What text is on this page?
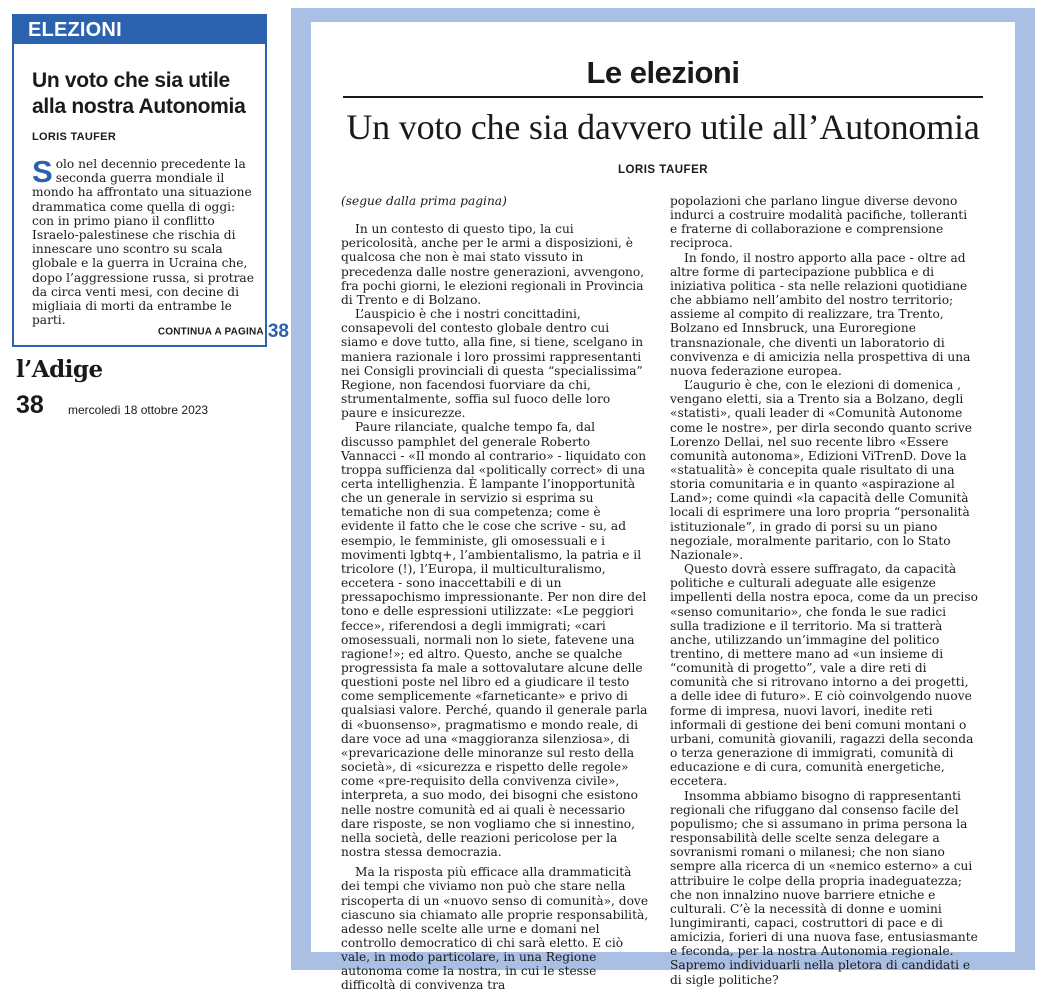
ELEZIONI
Un voto che sia utile alla nostra Autonomia
LORIS TAUFER
Solo nel decennio precedente la seconda guerra mondiale il mondo ha affrontato una situazione drammatica come quella di oggi: con in primo piano il conflitto Israelo-palestinese che rischia di innescare uno scontro su scala globale e la guerra in Ucraina che, dopo l’aggressione russa, si protrae da circa venti mesi, con decine di migliaia di morti da entrambe le parti.
CONTINUA A PAGINA 38
l’Adige
38 mercoledì 18 ottobre 2023
Le elezioni
Un voto che sia davvero utile all’Autonomia
LORIS TAUFER

(segue dalla prima pagina)

In un contesto di questo tipo, la cui pericolosità, anche per le armi a disposizioni, è qualcosa che non è mai stato vissuto in precedenza dalle nostre generazioni, avvengono, fra pochi giorni, le elezioni regionali in Provincia di Trento e di Bolzano.

L’auspicio è che i nostri concittadini, consapevoli del contesto globale dentro cui siamo e dove tutto, alla fine, si tiene, scelgano in maniera razionale i loro prossimi rappresentanti nei Consigli provinciali di questa “specialissima” Regione, non facendosi fuorviare da chi, strumentalmente, soffia sul fuoco delle loro paure e insicurezze.

Paure rilanciate, qualche tempo fa, dal discusso pamphlet del generale Roberto Vannacci - «Il mondo al contrario» - liquidato con troppa sufficienza dal «politically correct» di una certa intellighenzia. È lampante l’inopportunità che un generale in servizio si esprima su tematiche non di sua competenza; come è evidente il fatto che le cose che scrive - su, ad esempio, le femministe, gli omosessuali e i movimenti lgbtq+, l’ambientalismo, la patria e il tricolore (!), l’Europa, il multiculturalismo, eccetera - sono inaccettabili e di un pressapochismo impressionante. Per non dire del tono e delle espressioni utilizzate: «Le peggiori fecce», riferendosi a degli immigrati; «cari omosessuali, normali non lo siete, fatevene una ragione!»; ed altro. Questo, anche se qualche progressista fa male a sottovalutare alcune delle questioni poste nel libro ed a giudicare il testo come semplicemente «farneticante» e privo di qualsiasi valore. Perché, quando il generale parla di «buonsenso», pragmatismo e mondo reale, di dare voce ad una «maggioranza silenziosa», di «prevaricazione delle minoranze sul resto della società», di «sicurezza e rispetto delle regole» come «pre-requisito della convivenza civile», interpreta, a suo modo, dei bisogni che esistono nelle nostre comunità ed ai quali è necessario dare risposte, se non vogliamo che si innestino, nella società, delle reazioni pericolose per la nostra stessa democrazia.

Ma la risposta più efficace alla drammaticità dei tempi che viviamo non può che stare nella riscoperta di un «nuovo senso di comunità», dove ciascuno sia chiamato alle proprie responsabilità, adesso nelle scelte alle urne e domani nel controllo democratico di chi sarà eletto. E ciò vale, in modo particolare, in una Regione autonoma come la nostra, in cui le stesse difficoltà di convivenza tra

popolazioni che parlano lingue diverse devono indurci a costruire modalità pacifiche, tolleranti e fraterne di collaborazione e comprensione reciproca.

In fondo, il nostro apporto alla pace - oltre ad altre forme di partecipazione pubblica e di iniziativa politica - sta nelle relazioni quotidiane che abbiamo nell’ambito del nostro territorio; assieme al compito di realizzare, tra Trento, Bolzano ed Innsbruck, una Euroregione transnazionale, che diventi un laboratorio di convivenza e di amicizia nella prospettiva di una nuova federazione europea.

L’augurio è che, con le elezioni di domenica , vengano eletti, sia a Trento sia a Bolzano, degli «statisti», quali leader di «Comunità Autonome come le nostre», per dirla secondo quanto scrive Lorenzo Dellai, nel suo recente libro «Essere comunità autonoma», Edizioni ViTrenD. Dove la «statualità» è concepita quale risultato di una storia comunitaria e in quanto «aspirazione al Land»; come quindi «la capacità delle Comunità locali di esprimere una loro propria “personalità istituzionale”, in grado di porsi su un piano negoziale, moralmente paritario, con lo Stato Nazionale».

Questo dovrà essere suffragato, da capacità politiche e culturali adeguate alle esigenze impellenti della nostra epoca, come da un preciso «senso comunitario», che fonda le sue radici sulla tradizione e il territorio. Ma si tratterà anche, utilizzando un’immagine del politico trentino, di mettere mano ad «un insieme di “comunità di progetto”, vale a dire reti di comunità che si ritrovano intorno a dei progetti, a delle idee di futuro». E ciò coinvolgendo nuove forme di impresa, nuovi lavori, inedite reti informali di gestione dei beni comuni montani o urbani, comunità giovanili, ragazzi della seconda o terza generazione di immigrati, comunità di educazione e di cura, comunità energetiche, eccetera.

Insomma abbiamo bisogno di rappresentanti regionali che rifuggano dal consenso facile del populismo; che si assumano in prima persona la responsabilità delle scelte senza delegare a sovranismi romani o milanesi; che non siano sempre alla ricerca di un «nemico esterno» a cui attribuire le colpe della propria inadeguatezza; che non innalzino nuove barriere etniche e culturali. C’è la necessità di donne e uomini lungimiranti, capaci, costruttori di pace e di amicizia, forieri di una nuova fase, entusiasmante e feconda, per la nostra Autonomia regionale. Sapremo individuarli nella pletora di candidati e di sigle politiche?
